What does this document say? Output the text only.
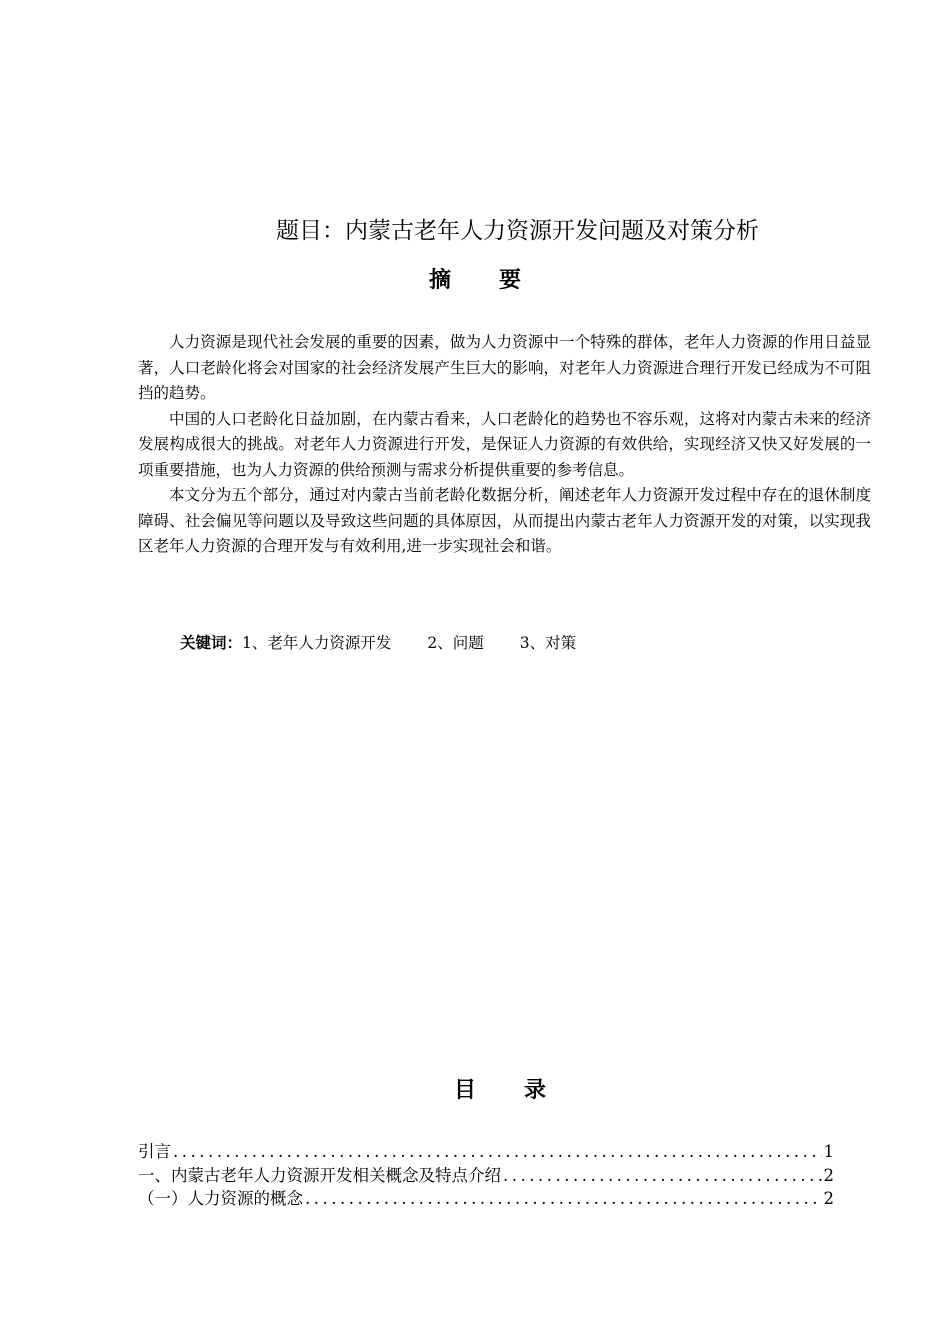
题目：内蒙古老年人力资源开发问题及对策分析
摘要

人力资源是现代社会发展的重要的因素，做为人力资源中一个特殊的群体，老年人力资源的作用日益显著，人口老龄化将会对国家的社会经济发展产生巨大的影响，对老年人力资源进合理行开发已经成为不可阻挡的趋势。

中国的人口老龄化日益加剧，在内蒙古看来，人口老龄化的趋势也不容乐观，这将对内蒙古未来的经济发展构成很大的挑战。对老年人力资源进行开发，是保证人力资源的有效供给，实现经济又快又好发展的一项重要措施，也为人力资源的供给预测与需求分析提供重要的参考信息。

本文分为五个部分，通过对内蒙古当前老龄化数据分析，阐述老年人力资源开发过程中存在的退休制度障碍、社会偏见等问题以及导致这些问题的具体原因，从而提出内蒙古老年人力资源开发的对策，以实现我区老年人力资源的合理开发与有效利用,进一步实现社会和谐。

关键词：1、老年人力资源开发 2、问题 3、对策
目录
引言 .....	1
一、内蒙古老年人力资源开发相关概念及特点介绍 .....	2
（一）人力资源的概念 .....	2
